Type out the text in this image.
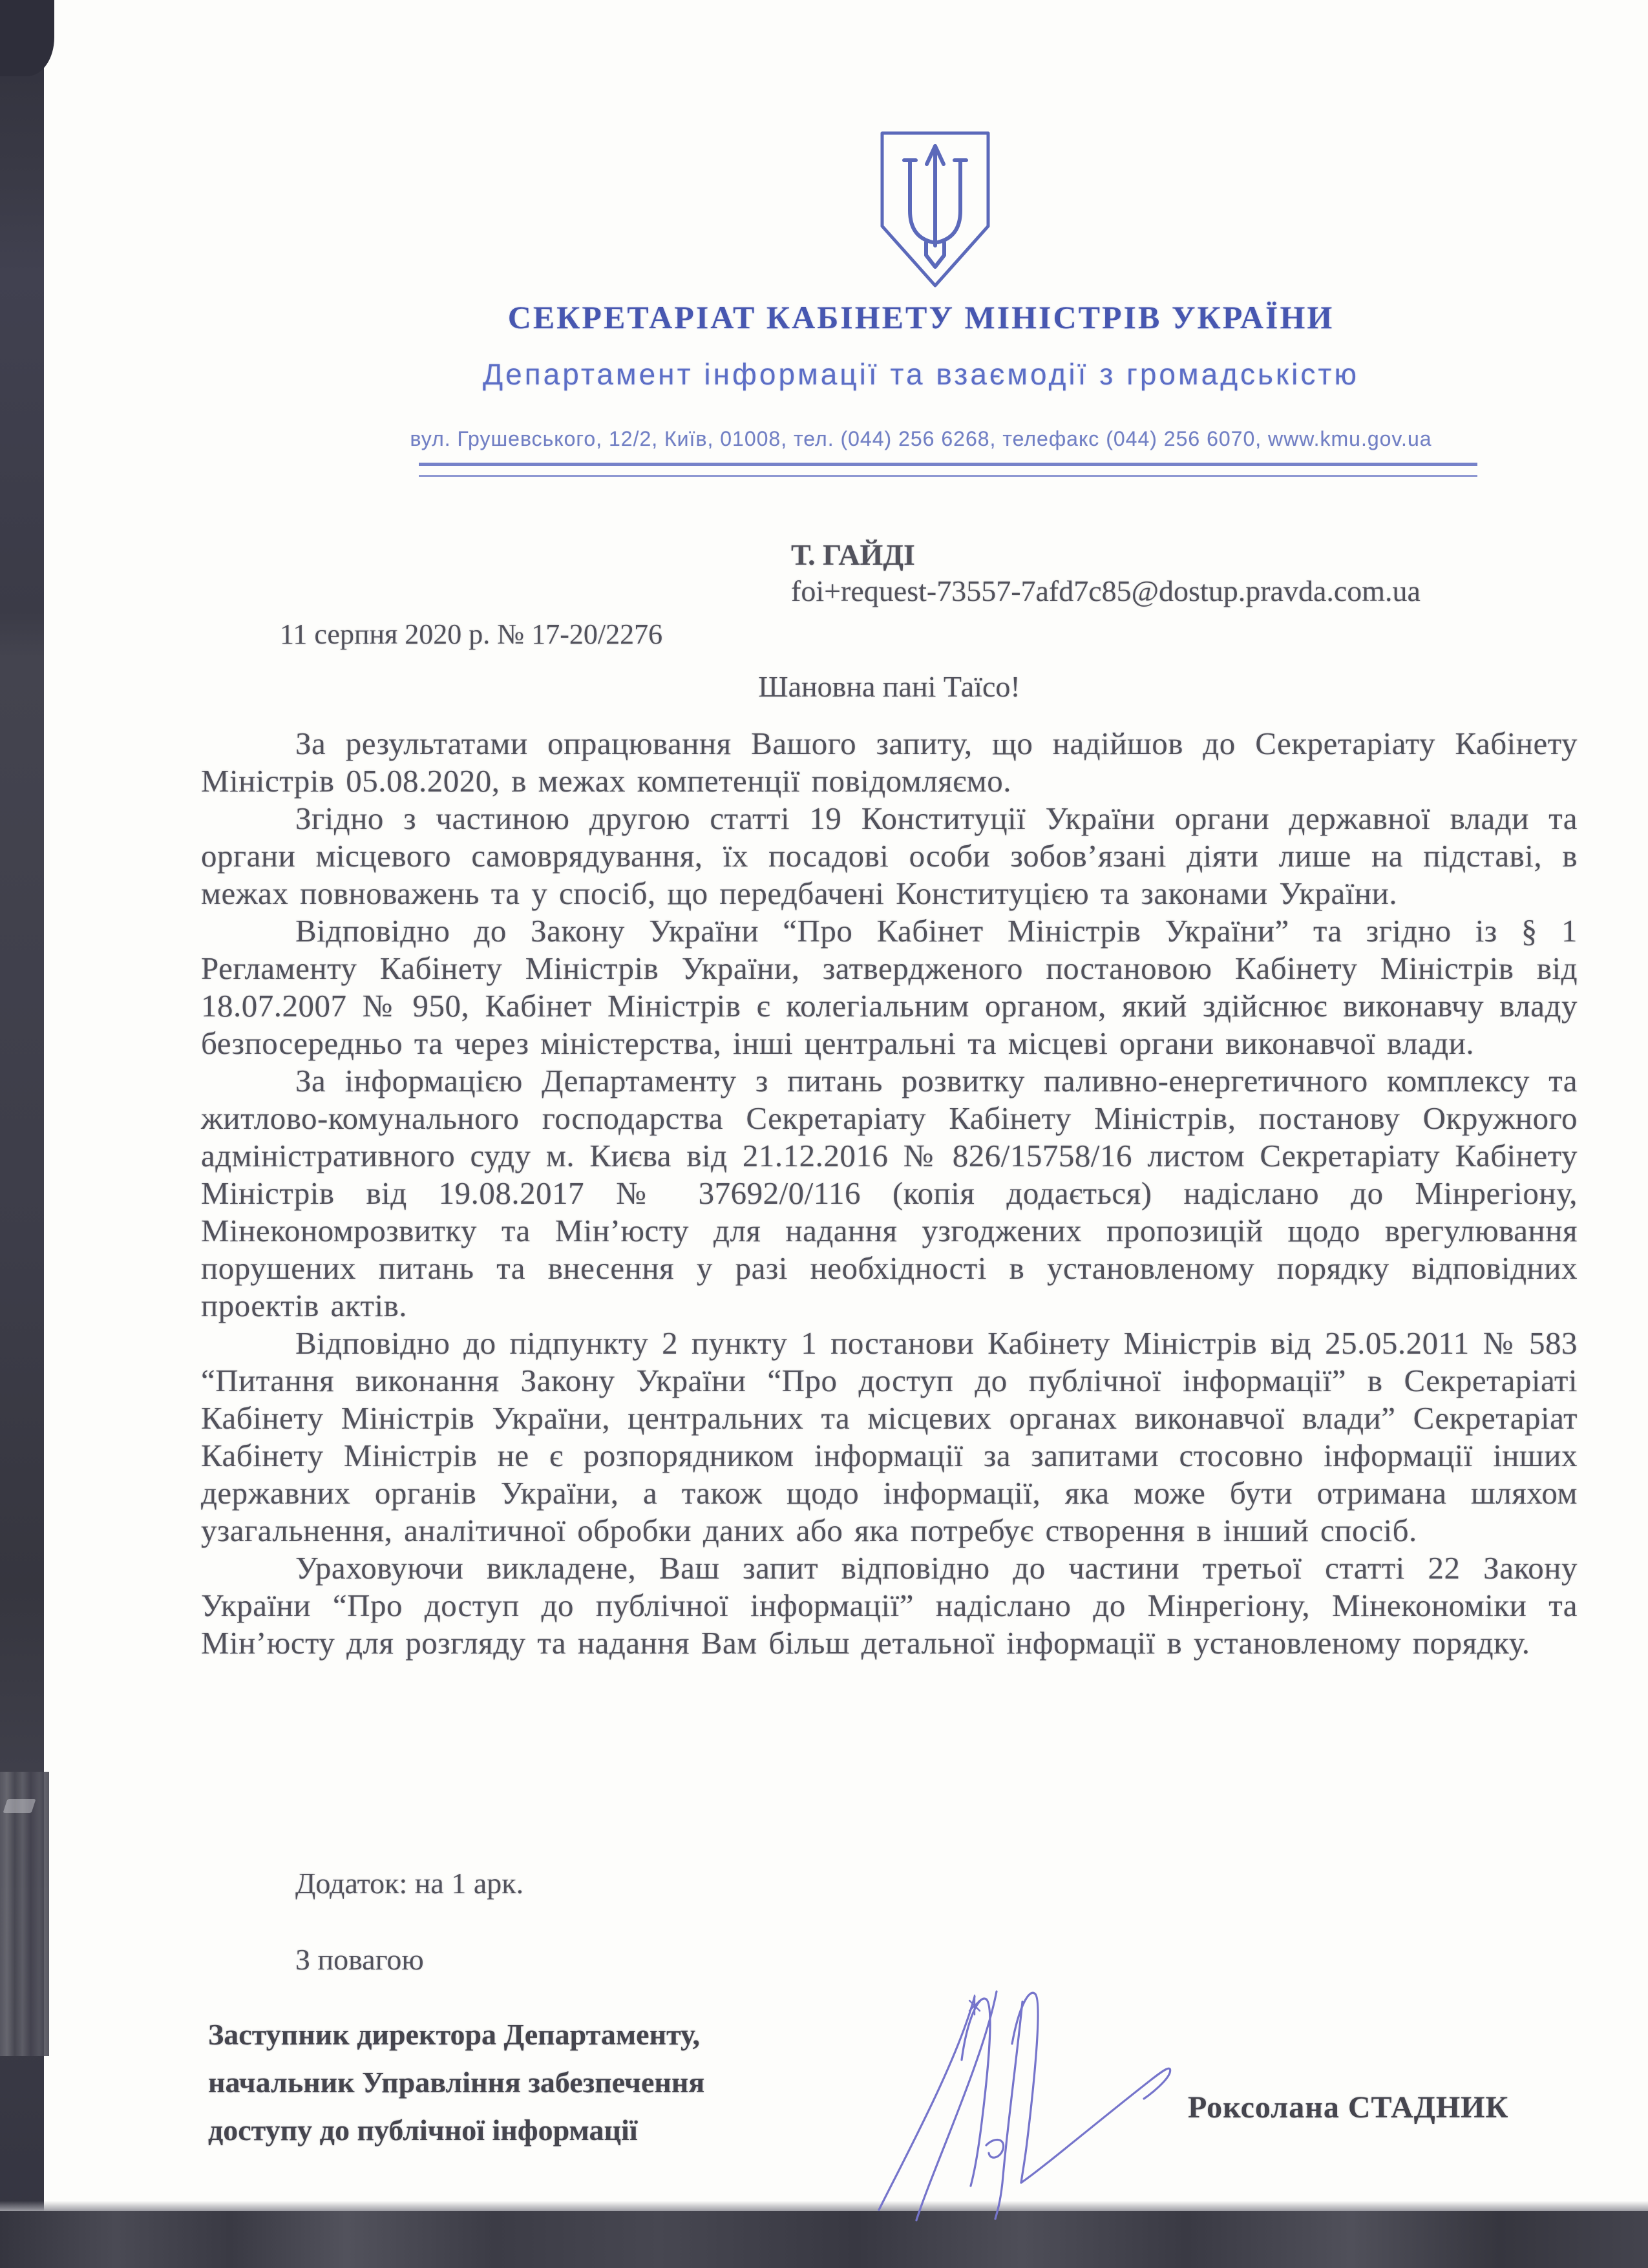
СЕКРЕТАРІАТ КАБІНЕТУ МІНІСТРІВ УКРАЇНИ
Департамент інформації та взаємодії з громадськістю
вул. Грушевського, 12/2, Київ, 01008, тел. (044) 256 6268, телефакс (044) 256 6070, www.kmu.gov.ua
Т. ГАЙДІ
foi+request-73557-7afd7c85@dostup.pravda.com.ua
11 серпня 2020 р. № 17-20/2276
Шановна пані Таїсо!

За результатами опрацювання Вашого запиту, що надійшов до Секретаріату Кабінету Міністрів 05.08.2020, в межах компетенції повідомляємо.

Згідно з частиною другою статті 19 Конституції України органи державної влади та органи місцевого самоврядування, їх посадові особи зобов’язані діяти лише на підставі, в межах повноважень та у спосіб, що передбачені Конституцією та законами України.

Відповідно до Закону України “Про Кабінет Міністрів України” та згідно із § 1 Регламенту Кабінету Міністрів України, затвердженого постановою Кабінету Міністрів від 18.07.2007 № 950, Кабінет Міністрів є колегіальним органом, який здійснює виконавчу владу безпосередньо та через міністерства, інші центральні та місцеві органи виконавчої влади.

За інформацією Департаменту з питань розвитку паливно-енергетичного комплексу та житлово-комунального господарства Секретаріату Кабінету Міністрів, постанову Окружного адміністративного суду м. Києва від 21.12.2016 № 826/15758/16 листом Секретаріату Кабінету Міністрів від 19.08.2017 № 37692/0/116 (копія додається) надіслано до Мінрегіону, Мінекономрозвитку та Мін’юсту для надання узгоджених пропозицій щодо врегулювання порушених питань та внесення у разі необхідності в установленому порядку відповідних проектів актів.

Відповідно до підпункту 2 пункту 1 постанови Кабінету Міністрів від 25.05.2011 № 583 “Питання виконання Закону України “Про доступ до публічної інформації” в Секретаріаті Кабінету Міністрів України, центральних та місцевих органах виконавчої влади” Секретаріат Кабінету Міністрів не є розпорядником інформації за запитами стосовно інформації інших державних органів України, а також щодо інформації, яка може бути отримана шляхом узагальнення, аналітичної обробки даних або яка потребує створення в інший спосіб.

Ураховуючи викладене, Ваш запит відповідно до частини третьої статті 22 Закону України “Про доступ до публічної інформації” надіслано до Мінрегіону, Мінекономіки та Мін’юсту для розгляду та надання Вам більш детальної інформації в установленому порядку.

Додаток: на 1 арк.
З повагою
Заступник директора Департаменту,
начальник Управління забезпечення
доступу до публічної інформації
Роксолана СТАДНИК
